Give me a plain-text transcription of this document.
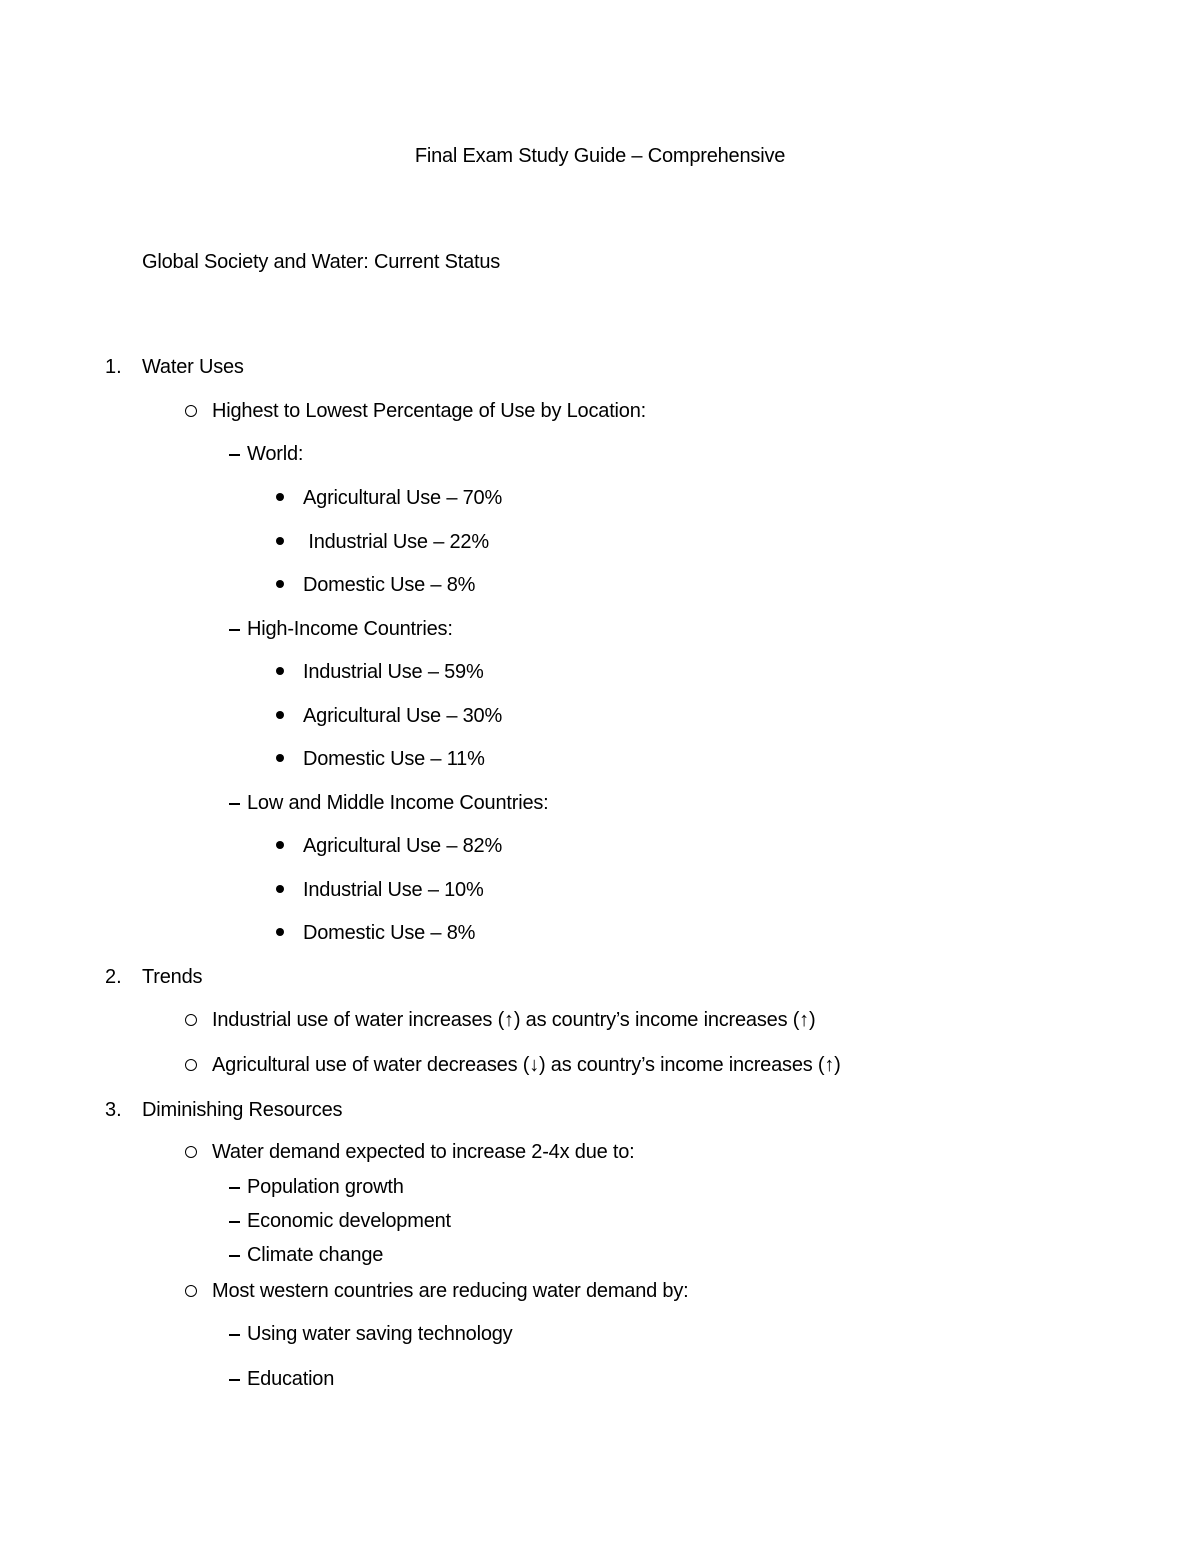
Final Exam Study Guide – Comprehensive
Global Society and Water: Current Status
1.	Water Uses
Highest to Lowest Percentage of Use by Location:
World:
Agricultural Use – 70%
Industrial Use – 22%
Domestic Use – 8%
High-Income Countries:
Industrial Use – 59%
Agricultural Use – 30%
Domestic Use – 11%
Low and Middle Income Countries:
Agricultural Use – 82%
Industrial Use – 10%
Domestic Use – 8%
2.	Trends
Industrial use of water increases (↑) as country’s income increases (↑)
Agricultural use of water decreases (↓) as country’s income increases (↑)
3.	Diminishing Resources
Water demand expected to increase 2-4x due to:
Population growth
Economic development
Climate change
Most western countries are reducing water demand by:
Using water saving technology
Education
